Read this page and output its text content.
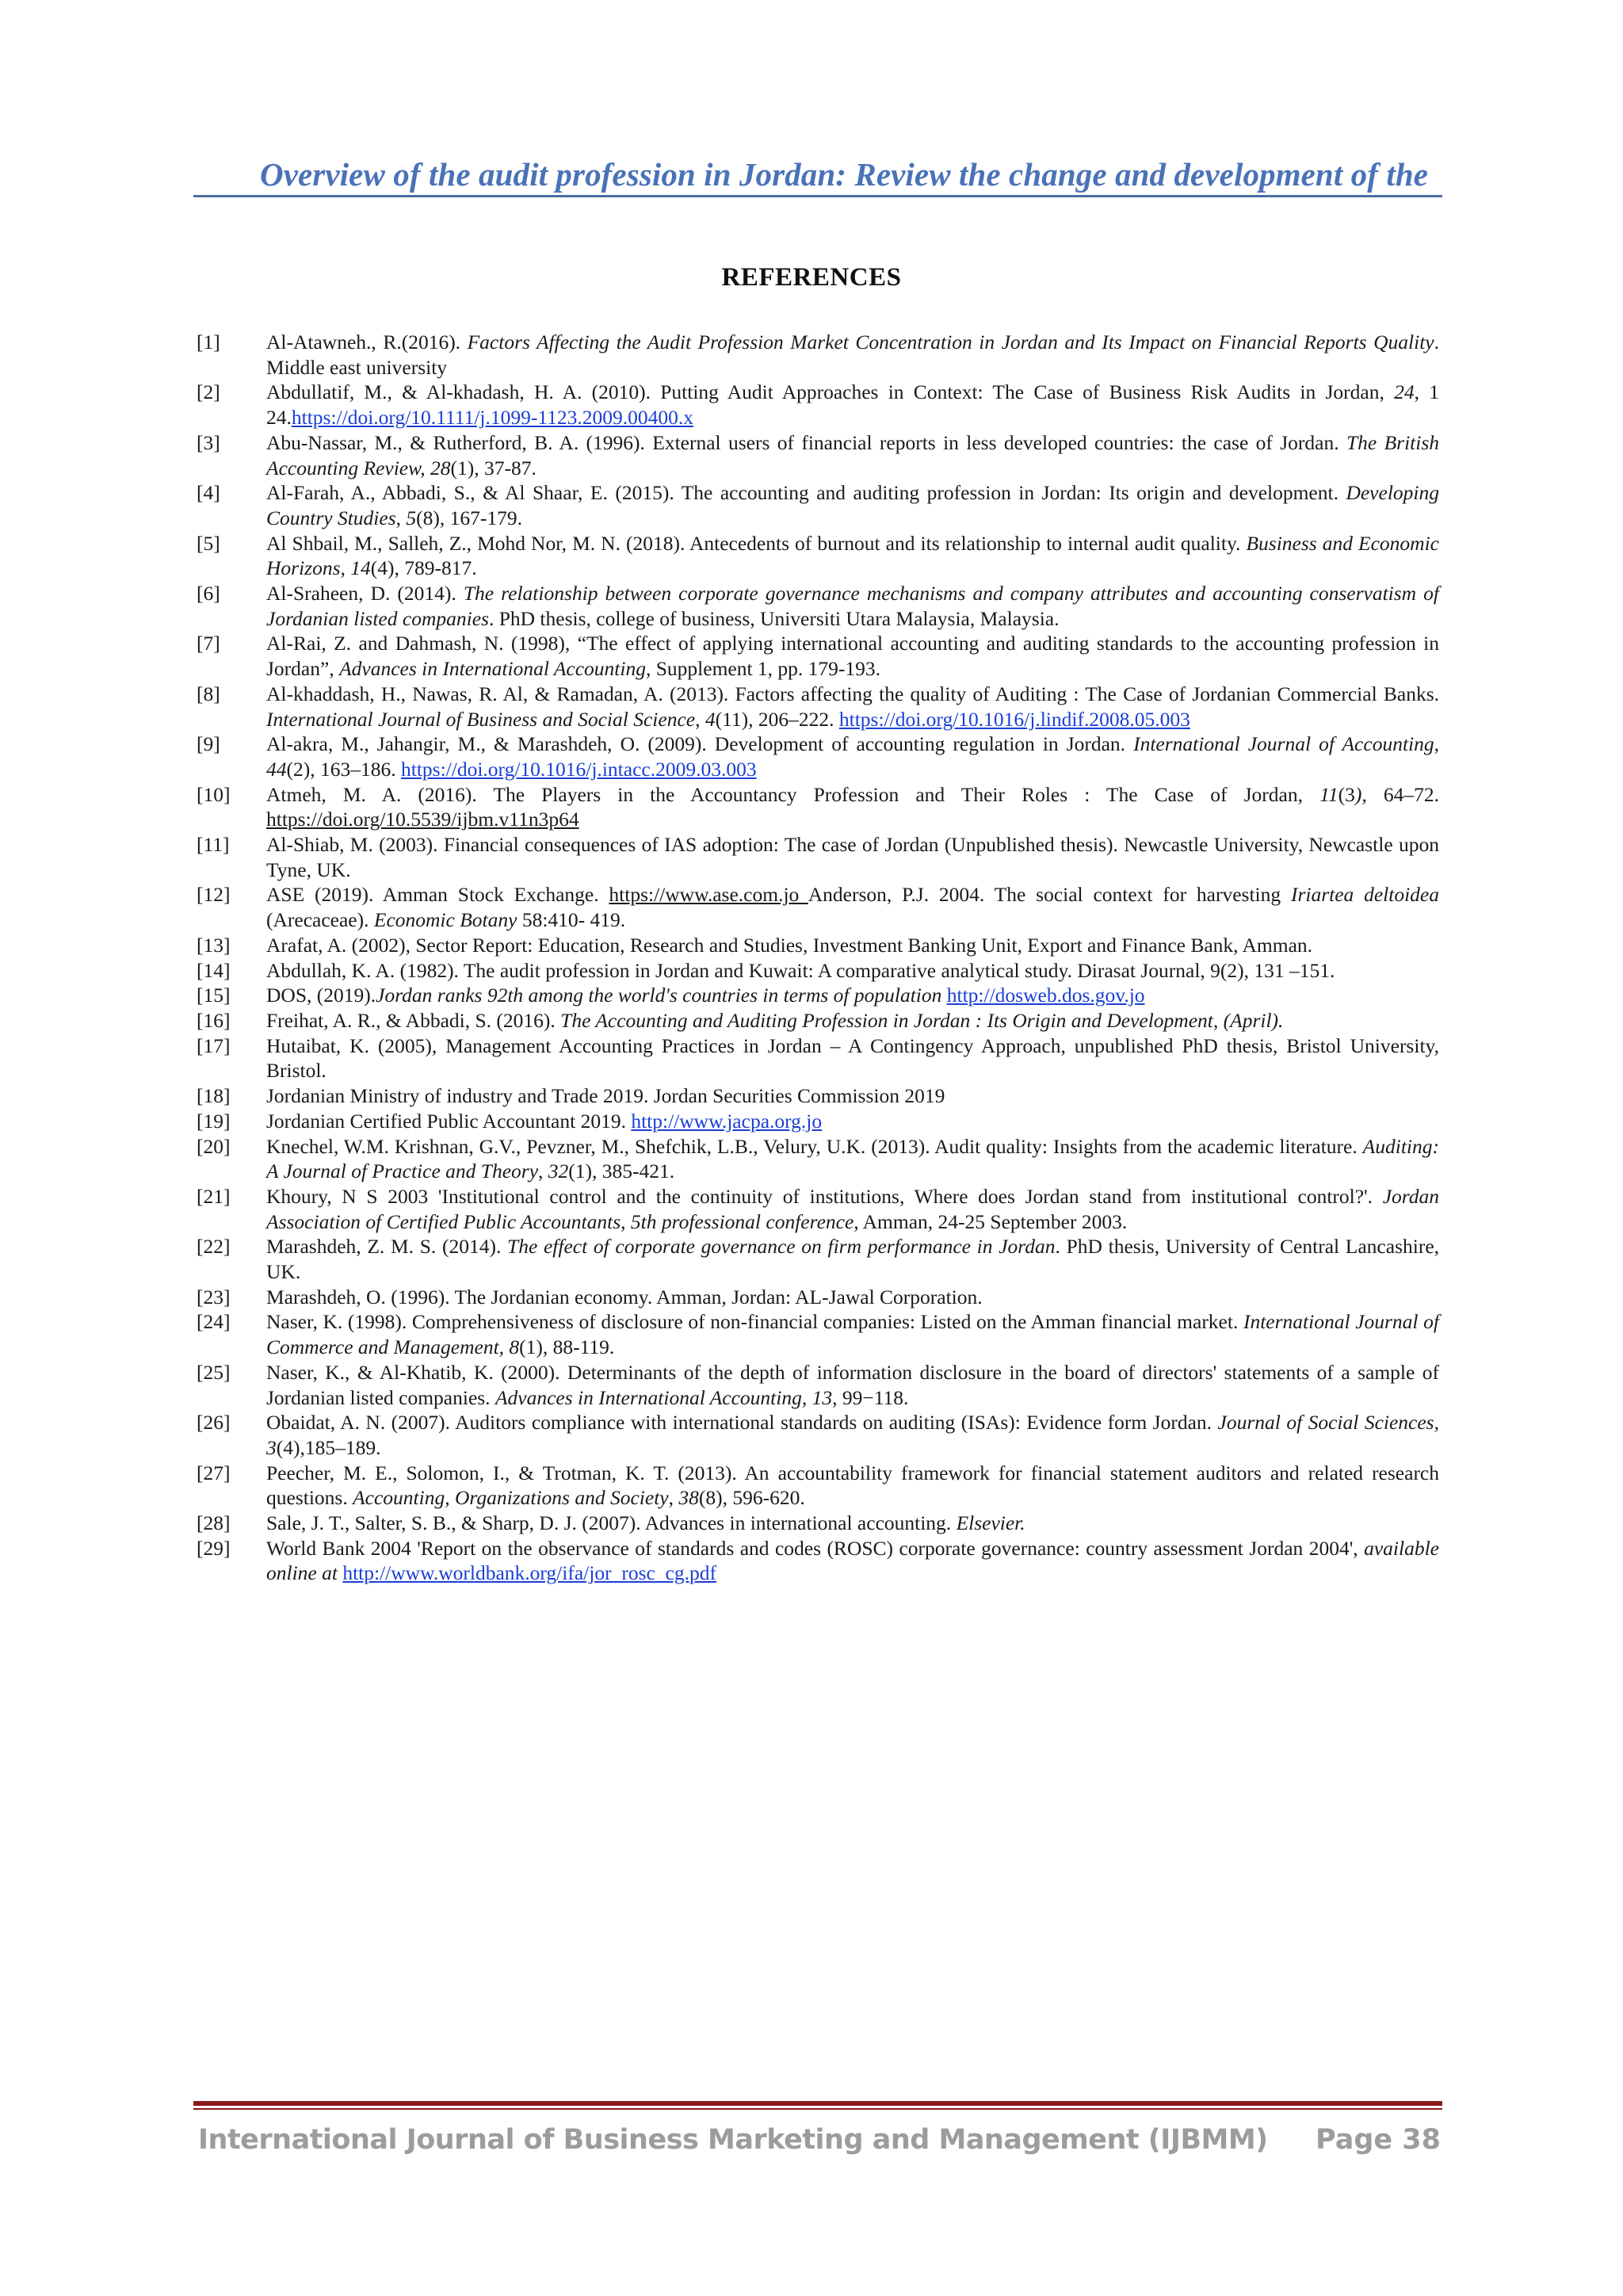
Overview of the audit profession in Jordan: Review the change and development of the
REFERENCES
[1]	Al-Atawneh., R.(2016). Factors Affecting the Audit Profession Market Concentration in Jordan and Its Impact on Financial Reports Quality. Middle east university
[2]	Abdullatif, M., & Al-khadash, H. A. (2010). Putting Audit Approaches in Context: The Case of Business Risk Audits in Jordan, 24, 1 24.https://doi.org/10.1111/j.1099-1123.2009.00400.x
[3]	Abu-Nassar, M., & Rutherford, B. A. (1996). External users of financial reports in less developed countries: the case of Jordan. The British Accounting Review, 28(1), 37-87.
[4]	Al-Farah, A., Abbadi, S., & Al Shaar, E. (2015). The accounting and auditing profession in Jordan: Its origin and development. Developing Country Studies, 5(8), 167-179.
[5]	Al Shbail, M., Salleh, Z., Mohd Nor, M. N. (2018). Antecedents of burnout and its relationship to internal audit quality. Business and Economic Horizons, 14(4), 789-817.
[6]	Al-Sraheen, D. (2014). The relationship between corporate governance mechanisms and company attributes and accounting conservatism of Jordanian listed companies. PhD thesis, college of business, Universiti Utara Malaysia, Malaysia.
[7]	Al-Rai, Z. and Dahmash, N. (1998), “The effect of applying international accounting and auditing standards to the accounting profession in Jordan”, Advances in International Accounting, Supplement 1, pp. 179-193.
[8]	Al-khaddash, H., Nawas, R. Al, & Ramadan, A. (2013). Factors affecting the quality of Auditing : The Case of Jordanian Commercial Banks. International Journal of Business and Social Science, 4(11), 206–222. https://doi.org/10.1016/j.lindif.2008.05.003
[9]	Al-akra, M., Jahangir, M., & Marashdeh, O. (2009). Development of accounting regulation in Jordan. International Journal of Accounting, 44(2), 163–186. https://doi.org/10.1016/j.intacc.2009.03.003
[10]	Atmeh, M. A. (2016). The Players in the Accountancy Profession and Their Roles : The Case of Jordan, 11(3), 64–72. https://doi.org/10.5539/ijbm.v11n3p64
[11]	Al-Shiab, M. (2003). Financial consequences of IAS adoption: The case of Jordan (Unpublished thesis). Newcastle University, Newcastle upon Tyne, UK.
[12]	ASE (2019). Amman Stock Exchange. https://www.ase.com.jo Anderson, P.J. 2004. The social context for harvesting Iriartea deltoidea (Arecaceae). Economic Botany 58:410- 419.
[13]	Arafat, A. (2002), Sector Report: Education, Research and Studies, Investment Banking Unit, Export and Finance Bank, Amman.
[14]	Abdullah, K. A. (1982). The audit profession in Jordan and Kuwait: A comparative analytical study. Dirasat Journal, 9(2), 131 –151.
[15]	DOS, (2019).Jordan ranks 92th among the world's countries in terms of population http://dosweb.dos.gov.jo
[16]	Freihat, A. R., & Abbadi, S. (2016). The Accounting and Auditing Profession in Jordan : Its Origin and Development, (April).
[17]	Hutaibat, K. (2005), Management Accounting Practices in Jordan – A Contingency Approach, unpublished PhD thesis, Bristol University, Bristol.
[18]	Jordanian Ministry of industry and Trade 2019. Jordan Securities Commission 2019
[19]	Jordanian Certified Public Accountant 2019. http://www.jacpa.org.jo
[20]	Knechel, W.M. Krishnan, G.V., Pevzner, M., Shefchik, L.B., Velury, U.K. (2013). Audit quality: Insights from the academic literature. Auditing: A Journal of Practice and Theory, 32(1), 385-421.
[21]	Khoury, N S 2003 'Institutional control and the continuity of institutions, Where does Jordan stand from institutional control?'. Jordan Association of Certified Public Accountants, 5th professional conference, Amman, 24-25 September 2003.
[22]	Marashdeh, Z. M. S. (2014). The effect of corporate governance on firm performance in Jordan. PhD thesis, University of Central Lancashire, UK.
[23]	Marashdeh, O. (1996). The Jordanian economy. Amman, Jordan: AL-Jawal Corporation.
[24]	Naser, K. (1998). Comprehensiveness of disclosure of non-financial companies: Listed on the Amman financial market. International Journal of Commerce and Management, 8(1), 88-119.
[25]	Naser, K., & Al-Khatib, K. (2000). Determinants of the depth of information disclosure in the board of directors' statements of a sample of Jordanian listed companies. Advances in International Accounting, 13, 99−118.
[26]	Obaidat, A. N. (2007). Auditors compliance with international standards on auditing (ISAs): Evidence form Jordan. Journal of Social Sciences, 3(4),185–189.
[27]	Peecher, M. E., Solomon, I., & Trotman, K. T. (2013). An accountability framework for financial statement auditors and related research questions. Accounting, Organizations and Society, 38(8), 596-620.
[28]	Sale, J. T., Salter, S. B., & Sharp, D. J. (2007). Advances in international accounting. Elsevier.
[29]	World Bank 2004 'Report on the observance of standards and codes (ROSC) corporate governance: country assessment Jordan 2004', available online at http://www.worldbank.org/ifa/jor_rosc_cg.pdf
International Journal of Business Marketing and Management (IJBMM) Page 38
